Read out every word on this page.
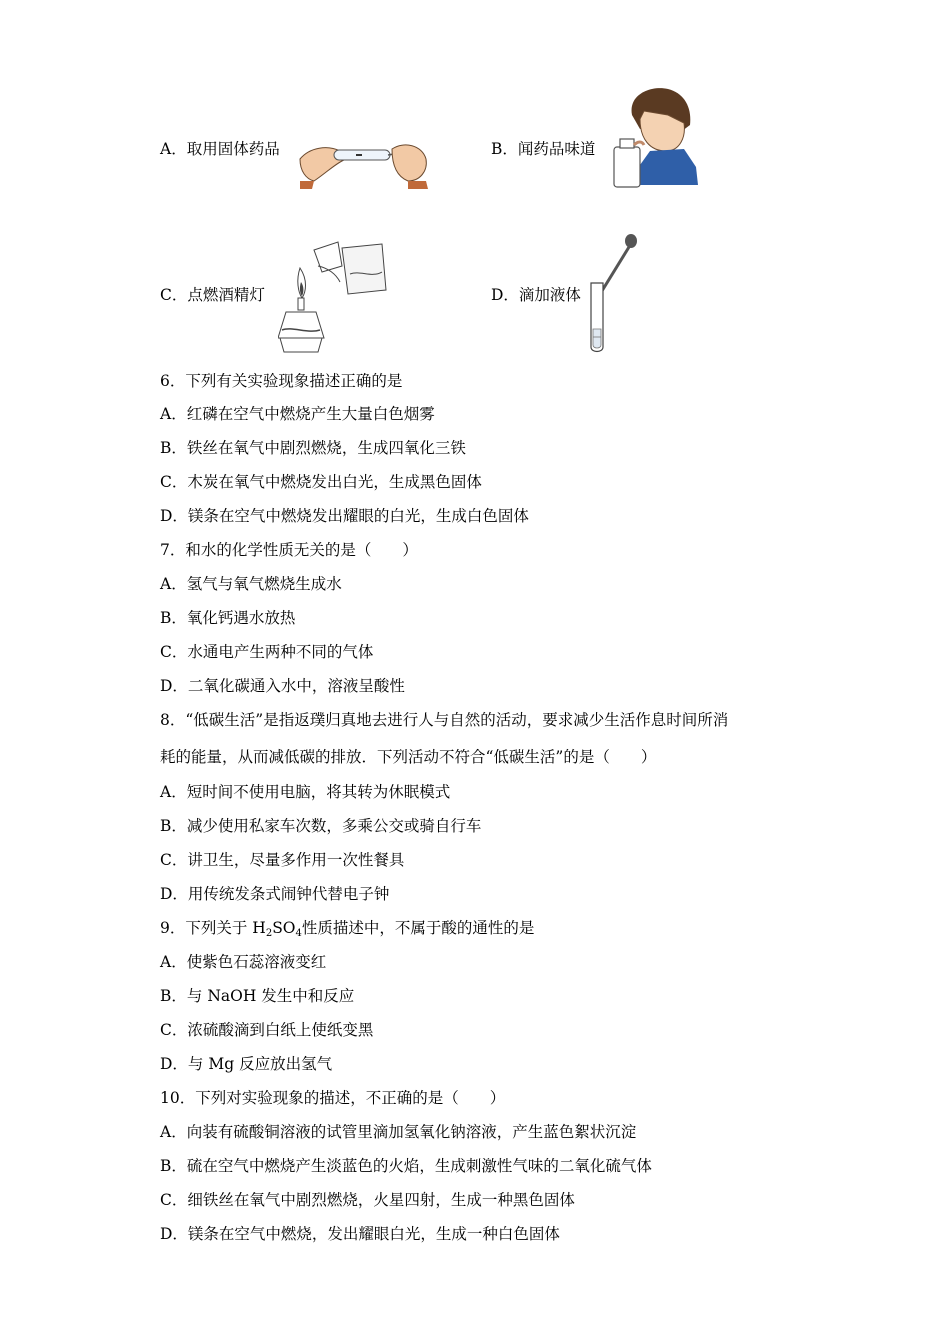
A．取用固体药品	B．闻药品味道
C．点燃酒精灯	D．滴加液体
6．下列有关实验现象描述正确的是
A．红磷在空气中燃烧产生大量白色烟雾
B．铁丝在氧气中剧烈燃烧，生成四氧化三铁
C．木炭在氧气中燃烧发出白光，生成黑色固体
D．镁条在空气中燃烧发出耀眼的白光，生成白色固体
7．和水的化学性质无关的是（　　）
A．氢气与氧气燃烧生成水
B．氧化钙遇水放热
C．水通电产生两种不同的气体
D．二氧化碳通入水中，溶液呈酸性
8．“低碳生活”是指返璞归真地去进行人与自然的活动，要求减少生活作息时间所消
耗的能量，从而减低碳的排放．下列活动不符合“低碳生活”的是（　　）
A．短时间不使用电脑，将其转为休眠模式
B．减少使用私家车次数，多乘公交或骑自行车
C．讲卫生，尽量多作用一次性餐具
D．用传统发条式闹钟代替电子钟
9．下列关于 $H_2SO_4$性质描述中，不属于酸的通性的是
A．使紫色石蕊溶液变红
B．与 NaOH 发生中和反应
C．浓硫酸滴到白纸上使纸变黑
D．与 Mg 反应放出氢气
10．下列对实验现象的描述，不正确的是（　　）
A．向装有硫酸铜溶液的试管里滴加氢氧化钠溶液，产生蓝色絮状沉淀
B．硫在空气中燃烧产生淡蓝色的火焰，生成刺激性气味的二氧化硫气体
C．细铁丝在氧气中剧烈燃烧，火星四射，生成一种黑色固体
D．镁条在空气中燃烧，发出耀眼白光，生成一种白色固体
